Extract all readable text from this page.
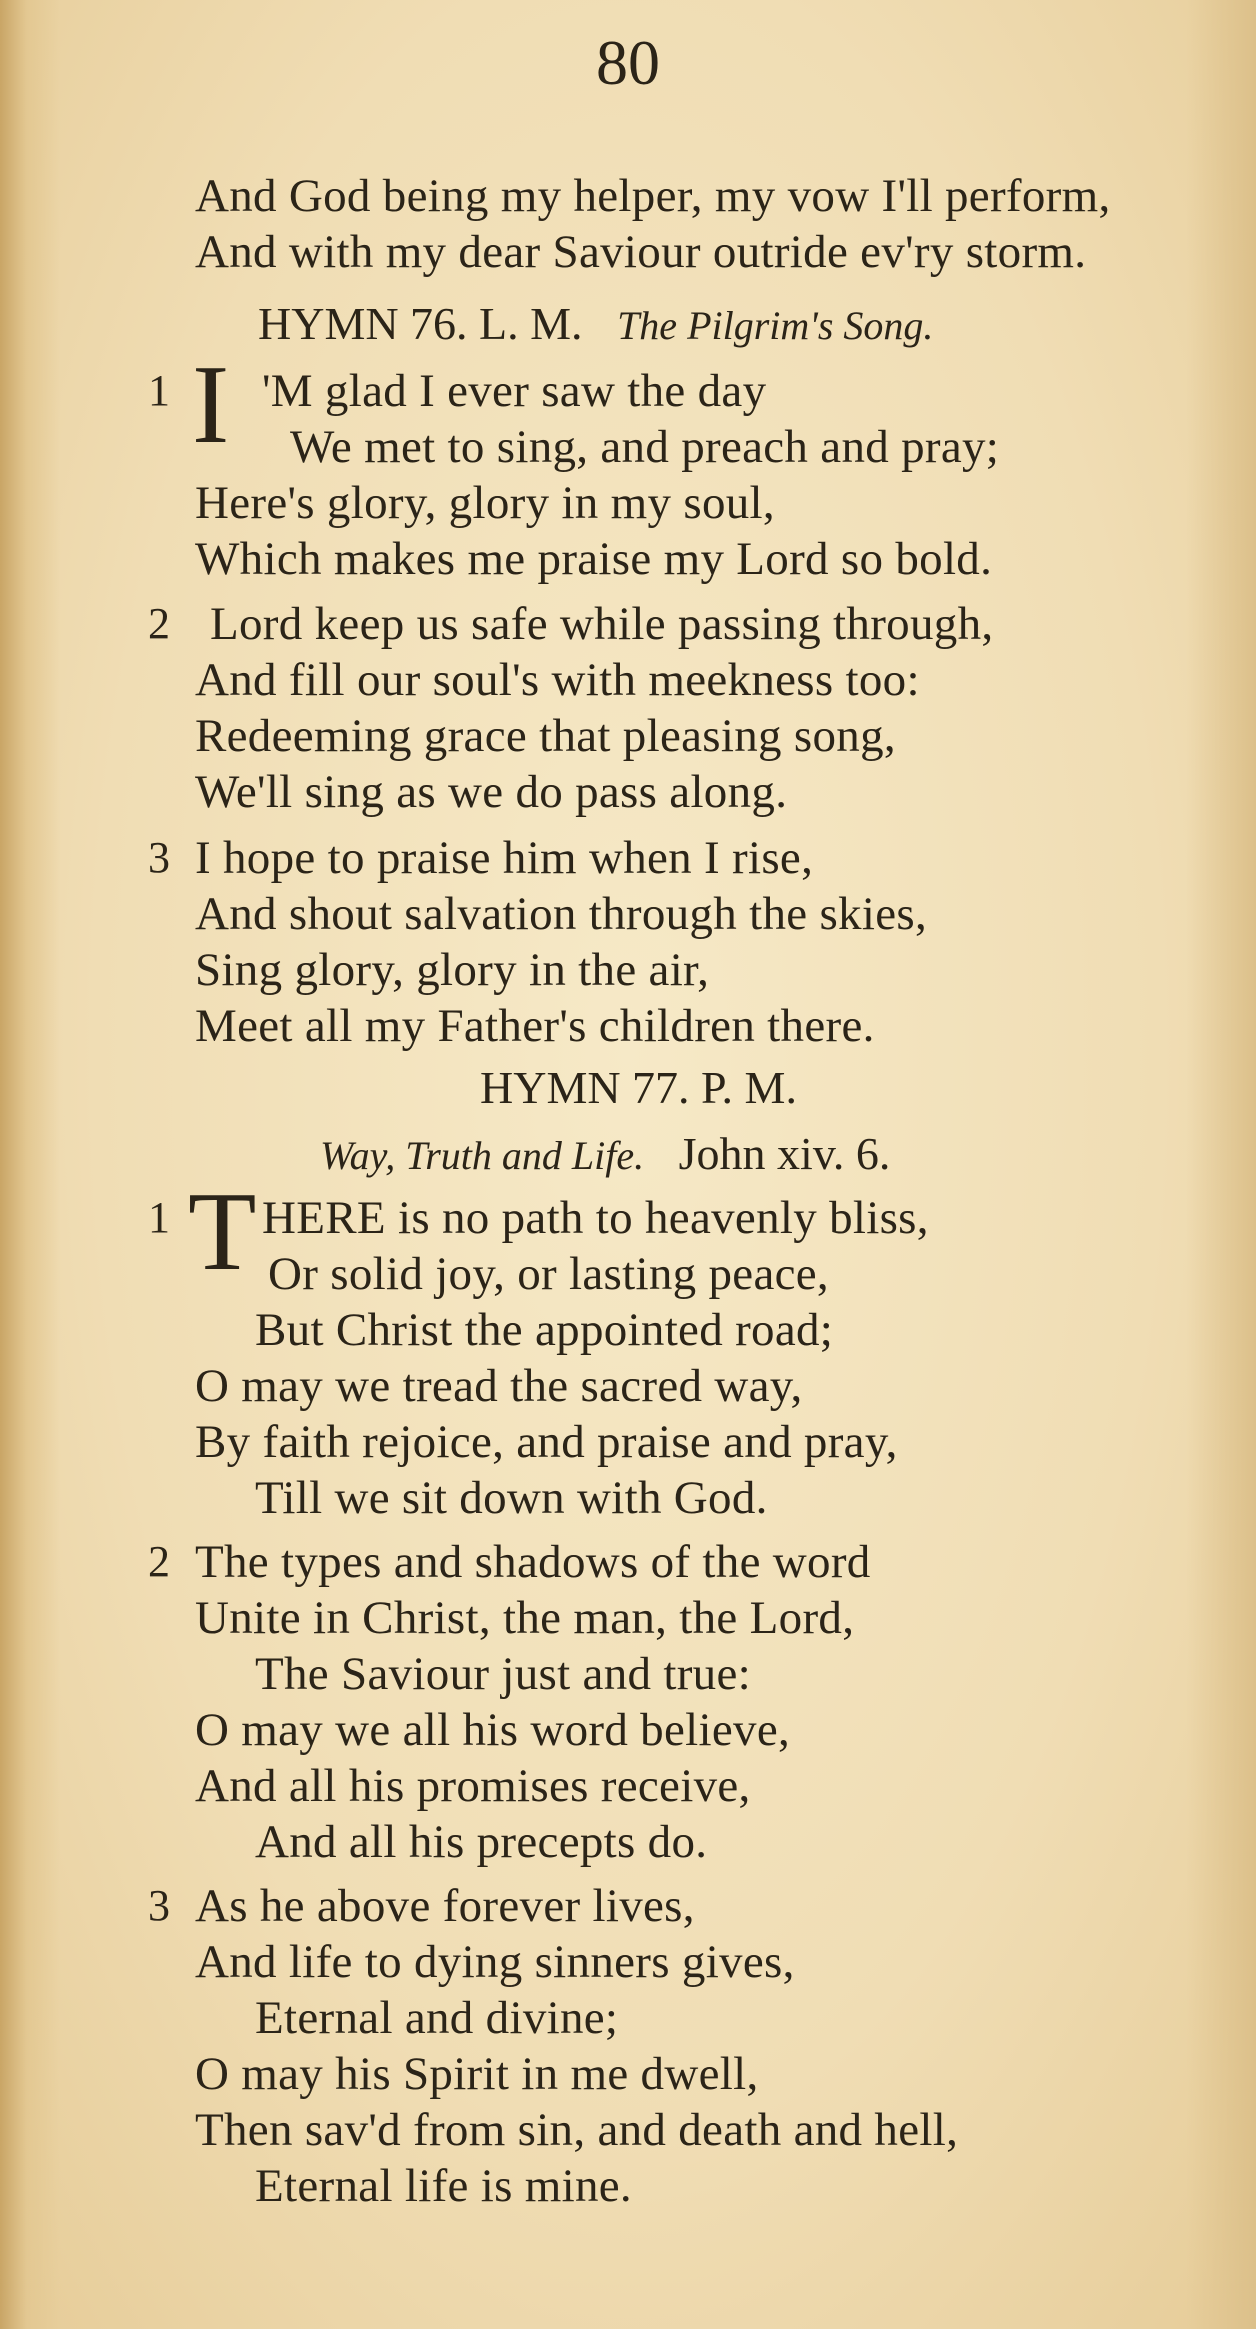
80
And God being my helper, my vow I'll perform,
And with my dear Saviour outride ev'ry storm.
HYMN 76. L. M. The Pilgrim's Song.
1 I 'M glad I ever saw the day
We met to sing, and preach and pray;
Here's glory, glory in my soul,
Which makes me praise my Lord so bold.
2 Lord keep us safe while passing through,
And fill our soul's with meekness too:
Redeeming grace that pleasing song,
We'll sing as we do pass along.
3 I hope to praise him when I rise,
And shout salvation through the skies,
Sing glory, glory in the air,
Meet all my Father's children there.
HYMN 77. P. M.
Way, Truth and Life. John xiv. 6.
1 T HERE is no path to heavenly bliss,
Or solid joy, or lasting peace,
But Christ the appointed road;
O may we tread the sacred way,
By faith rejoice, and praise and pray,
Till we sit down with God.
2 The types and shadows of the word
Unite in Christ, the man, the Lord,
The Saviour just and true:
O may we all his word believe,
And all his promises receive,
And all his precepts do.
3 As he above forever lives,
And life to dying sinners gives,
Eternal and divine;
O may his Spirit in me dwell,
Then sav'd from sin, and death and hell,
Eternal life is mine.
